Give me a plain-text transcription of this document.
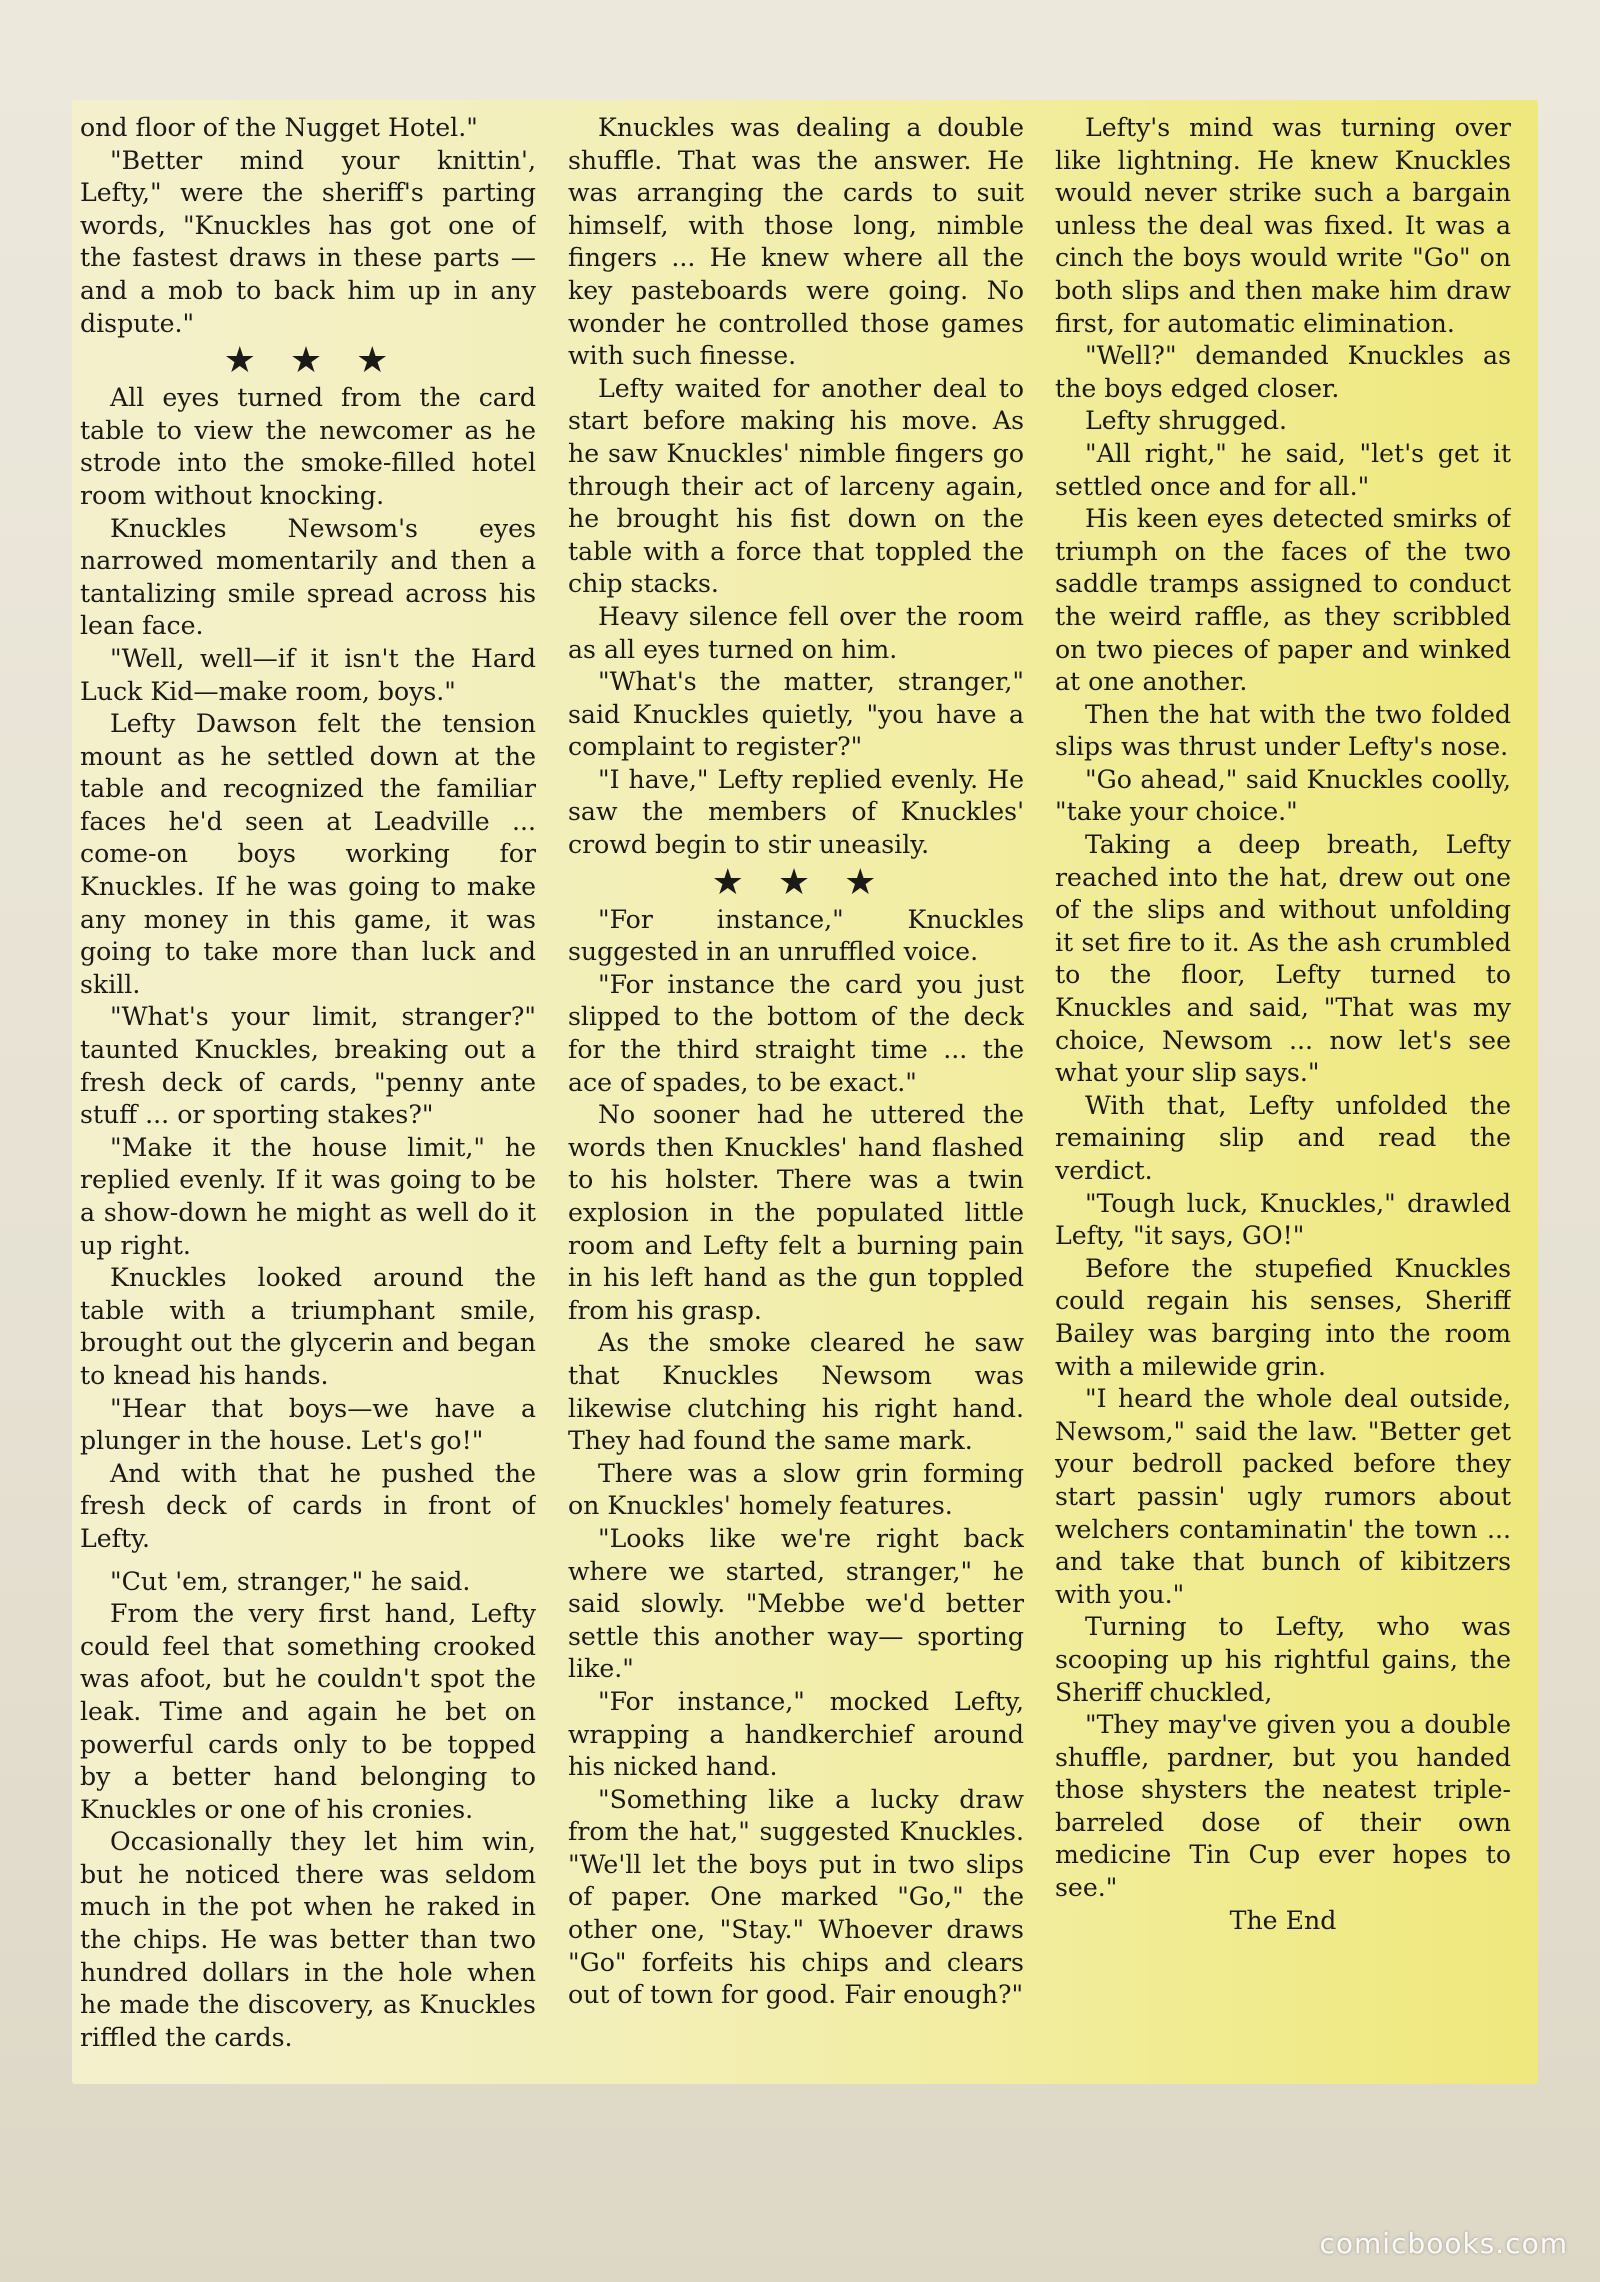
ond floor of the Nugget Hotel."

"Better mind your knittin', Lefty," were the sheriff's parting words, "Knuckles has got one of the fastest draws in these parts —and a mob to back him up in any dispute."

★★★

All eyes turned from the card table to view the newcomer as he strode into the smoke-filled hotel room without knocking.

Knuckles Newsom's eyes narrowed momentarily and then a tantalizing smile spread across his lean face.

"Well, well—if it isn't the Hard Luck Kid—make room, boys."

Lefty Dawson felt the tension mount as he settled down at the table and recognized the familiar faces he'd seen at Leadville ... come-on boys working for Knuckles. If he was going to make any money in this game, it was going to take more than luck and skill.

"What's your limit, stranger?" taunted Knuckles, breaking out a fresh deck of cards, "penny ante stuff ... or sporting stakes?"

"Make it the house limit," he replied evenly. If it was going to be a show-down he might as well do it up right.

Knuckles looked around the table with a triumphant smile, brought out the glycerin and began to knead his hands.

"Hear that boys—we have a plunger in the house. Let's go!"

And with that he pushed the fresh deck of cards in front of Lefty.

"Cut 'em, stranger," he said.

From the very first hand, Lefty could feel that something crooked was afoot, but he couldn't spot the leak. Time and again he bet on powerful cards only to be topped by a better hand belonging to Knuckles or one of his cronies.

Occasionally they let him win, but he noticed there was seldom much in the pot when he raked in the chips. He was better than two hundred dollars in the hole when he made the discovery, as Knuckles riffled the cards.

Knuckles was dealing a double shuffle. That was the answer. He was arranging the cards to suit himself, with those long, nimble fingers ... He knew where all the key pasteboards were going. No wonder he controlled those games with such finesse.

Lefty waited for another deal to start before making his move. As he saw Knuckles' nimble fingers go through their act of larceny again, he brought his fist down on the table with a force that toppled the chip stacks.

Heavy silence fell over the room as all eyes turned on him.

"What's the matter, stranger," said Knuckles quietly, "you have a complaint to register?"

"I have," Lefty replied evenly. He saw the members of Knuckles' crowd begin to stir uneasily.

★★★

"For instance," Knuckles suggested in an unruffled voice.

"For instance the card you just slipped to the bottom of the deck for the third straight time ... the ace of spades, to be exact."

No sooner had he uttered the words then Knuckles' hand flashed to his holster. There was a twin explosion in the populated little room and Lefty felt a burning pain in his left hand as the gun toppled from his grasp.

As the smoke cleared he saw that Knuckles Newsom was likewise clutching his right hand. They had found the same mark.

There was a slow grin forming on Knuckles' homely features.

"Looks like we're right back where we started, stranger," he said slowly. "Mebbe we'd better settle this another way— sporting like."

"For instance," mocked Lefty, wrapping a handkerchief around his nicked hand.

"Something like a lucky draw from the hat," suggested Knuckles. "We'll let the boys put in two slips of paper. One marked "Go," the other one, "Stay." Whoever draws "Go" forfeits his chips and clears out of town for good. Fair enough?"

Lefty's mind was turning over like lightning. He knew Knuckles would never strike such a bargain unless the deal was fixed. It was a cinch the boys would write "Go" on both slips and then make him draw first, for automatic elimination.

"Well?" demanded Knuckles as the boys edged closer.

Lefty shrugged.

"All right," he said, "let's get it settled once and for all."

His keen eyes detected smirks of triumph on the faces of the two saddle tramps assigned to conduct the weird raffle, as they scribbled on two pieces of paper and winked at one another.

Then the hat with the two folded slips was thrust under Lefty's nose.

"Go ahead," said Knuckles coolly, "take your choice."

Taking a deep breath, Lefty reached into the hat, drew out one of the slips and without unfolding it set fire to it. As the ash crumbled to the floor, Lefty turned to Knuckles and said, "That was my choice, Newsom ... now let's see what your slip says."

With that, Lefty unfolded the remaining slip and read the verdict.

"Tough luck, Knuckles," drawled Lefty, "it says, GO!"

Before the stupefied Knuckles could regain his senses, Sheriff Bailey was barging into the room with a milewide grin.

"I heard the whole deal outside, Newsom," said the law. "Better get your bedroll packed before they start passin' ugly rumors about welchers contaminatin' the town ... and take that bunch of kibitzers with you."

Turning to Lefty, who was scooping up his rightful gains, the Sheriff chuckled,

"They may've given you a double shuffle, pardner, but you handed those shysters the neatest triple-barreled dose of their own medicine Tin Cup ever hopes to see."

The End

comicbooks.com
